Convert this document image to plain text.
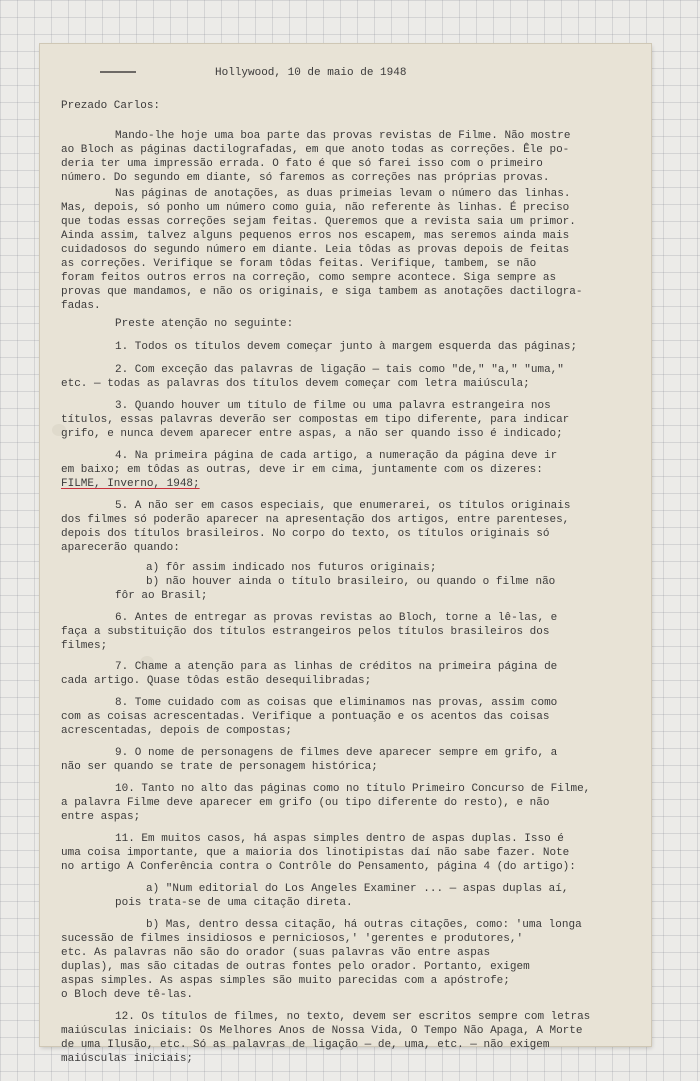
Hollywood, 10 de maio de 1948
Prezado Carlos:
Mando-lhe hoje uma boa parte das provas revistas de Filme. Não mostre
ao Bloch as páginas dactilografadas, em que anoto todas as correções. Êle po-
deria ter uma impressão errada. O fato é que só farei isso com o primeiro
número. Do segundo em diante, só faremos as correções nas próprias provas.
Nas páginas de anotações, as duas primeias levam o número das linhas.
Mas, depois, só ponho um número como guia, não referente às linhas. É preciso
que todas essas correções sejam feitas. Queremos que a revista saia um primor.
Ainda assim, talvez alguns pequenos erros nos escapem, mas seremos ainda mais
cuidadosos do segundo número em diante. Leia tôdas as provas depois de feitas
as correções. Verifique se foram tôdas feitas. Verifique, tambem, se não
foram feitos outros erros na correção, como sempre acontece. Siga sempre as
provas que mandamos, e não os originais, e siga tambem as anotações dactilogra-
fadas.
Preste atenção no seguinte:
1. Todos os títulos devem começar junto à margem esquerda das páginas;
2. Com exceção das palavras de ligação — tais como "de," "a," "uma,"
etc. — todas as palavras dos títulos devem começar com letra maiúscula;
3. Quando houver um título de filme ou uma palavra estrangeira nos
títulos, essas palavras deverão ser compostas em tipo diferente, para indicar
grifo, e nunca devem aparecer entre aspas, a não ser quando isso é indicado;
4. Na primeira página de cada artigo, a numeração da página deve ir
em baixo; em tôdas as outras, deve ir em cima, juntamente com os dizeres:
FILME, Inverno, 1948;
5. A não ser em casos especiais, que enumerarei, os títulos originais
dos filmes só poderão aparecer na apresentação dos artigos, entre parenteses,
depois dos títulos brasileiros. No corpo do texto, os títulos originais só
aparecerão quando:
a) fôr assim indicado nos futuros originais;
b) não houver ainda o título brasileiro, ou quando o filme não
fôr ao Brasil;
6. Antes de entregar as provas revistas ao Bloch, torne a lê-las, e
faça a substituição dos títulos estrangeiros pelos títulos brasileiros dos
filmes;
7. Chame a atenção para as linhas de créditos na primeira página de
cada artigo. Quase tôdas estão desequilibradas;
8. Tome cuidado com as coisas que eliminamos nas provas, assim como
com as coisas acrescentadas. Verifique a pontuação e os acentos das coisas
acrescentadas, depois de compostas;
9. O nome de personagens de filmes deve aparecer sempre em grifo, a
não ser quando se trate de personagem histórica;
10. Tanto no alto das páginas como no título Primeiro Concurso de Filme,
a palavra Filme deve aparecer em grifo (ou tipo diferente do resto), e não
entre aspas;
11. Em muitos casos, há aspas simples dentro de aspas duplas. Isso é
uma coisa importante, que a maioria dos linotipistas daí não sabe fazer. Note
no artigo A Conferência contra o Contrôle do Pensamento, página 4 (do artigo):
a) "Num editorial do Los Angeles Examiner ... — aspas duplas aí,
pois trata-se de uma citação direta.
b) Mas, dentro dessa citação, há outras citações, como: 'uma longa
sucessão de filmes insidiosos e perniciosos,' 'gerentes e produtores,'
etc. As palavras não são do orador (suas palavras vão entre aspas
duplas), mas são citadas de outras fontes pelo orador. Portanto, exigem
aspas simples. As aspas simples são muito parecidas com a apóstrofe;
o Bloch deve tê-las.
12. Os títulos de filmes, no texto, devem ser escritos sempre com letras
maiúsculas iniciais: Os Melhores Anos de Nossa Vida, O Tempo Não Apaga, A Morte
de uma Ilusão, etc. Só as palavras de ligação — de, uma, etc. — não exigem
maiúsculas iniciais;
